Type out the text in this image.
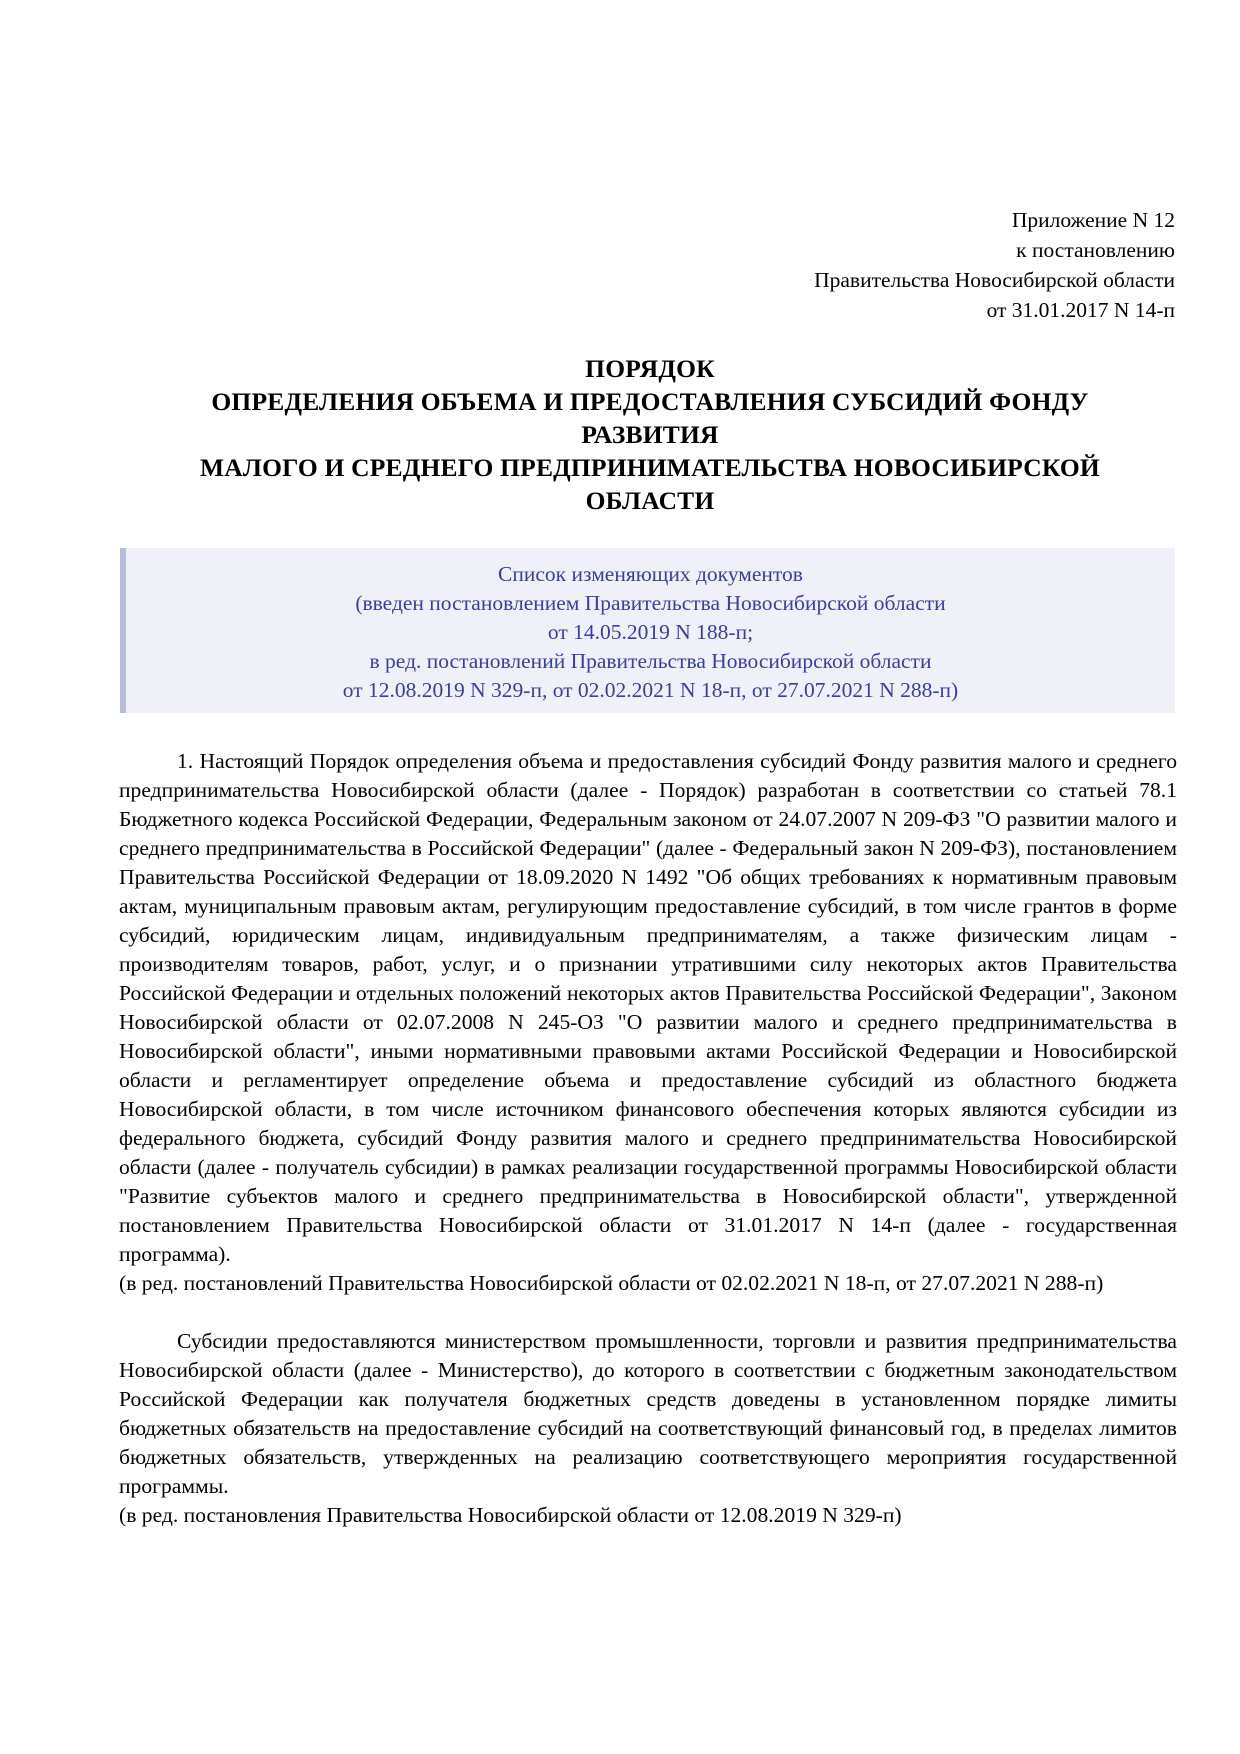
Приложение N 12
к постановлению
Правительства Новосибирской области
от 31.01.2017 N 14-п
ПОРЯДОК
ОПРЕДЕЛЕНИЯ ОБЪЕМА И ПРЕДОСТАВЛЕНИЯ СУБСИДИЙ ФОНДУ
РАЗВИТИЯ
МАЛОГО И СРЕДНЕГО ПРЕДПРИНИМАТЕЛЬСТВА НОВОСИБИРСКОЙ
ОБЛАСТИ
Список изменяющих документов
(введен постановлением Правительства Новосибирской области
от 14.05.2019 N 188-п;
в ред. постановлений Правительства Новосибирской области
от 12.08.2019 N 329-п, от 02.02.2021 N 18-п, от 27.07.2021 N 288-п)

1. Настоящий Порядок определения объема и предоставления субсидий Фонду развития малого и среднего предпринимательства Новосибирской области (далее - Порядок) разработан в соответствии со статьей 78.1 Бюджетного кодекса Российской Федерации, Федеральным законом от 24.07.2007 N 209-ФЗ "О развитии малого и среднего предпринимательства в Российской Федерации" (далее - Федеральный закон N 209-ФЗ), постановлением Правительства Российской Федерации от 18.09.2020 N 1492 "Об общих требованиях к нормативным правовым актам, муниципальным правовым актам, регулирующим предоставление субсидий, в том числе грантов в форме субсидий, юридическим лицам, индивидуальным предпринимателям, а также физическим лицам - производителям товаров, работ, услуг, и о признании утратившими силу некоторых актов Правительства Российской Федерации и отдельных положений некоторых актов Правительства Российской Федерации", Законом Новосибирской области от 02.07.2008 N 245-ОЗ "О развитии малого и среднего предпринимательства в Новосибирской области", иными нормативными правовыми актами Российской Федерации и Новосибирской области и регламентирует определение объема и предоставление субсидий из областного бюджета Новосибирской области, в том числе источником финансового обеспечения которых являются субсидии из федерального бюджета, субсидий Фонду развития малого и среднего предпринимательства Новосибирской области (далее - получатель субсидии) в рамках реализации государственной программы Новосибирской области "Развитие субъектов малого и среднего предпринимательства в Новосибирской области", утвержденной постановлением Правительства Новосибирской области от 31.01.2017 N 14-п (далее - государственная программа).

(в ред. постановлений Правительства Новосибирской области от 02.02.2021 N 18-п, от 27.07.2021 N 288-п)

Субсидии предоставляются министерством промышленности, торговли и развития предпринимательства Новосибирской области (далее - Министерство), до которого в соответствии с бюджетным законодательством Российской Федерации как получателя бюджетных средств доведены в установленном порядке лимиты бюджетных обязательств на предоставление субсидий на соответствующий финансовый год, в пределах лимитов бюджетных обязательств, утвержденных на реализацию соответствующего мероприятия государственной программы.

(в ред. постановления Правительства Новосибирской области от 12.08.2019 N 329-п)
